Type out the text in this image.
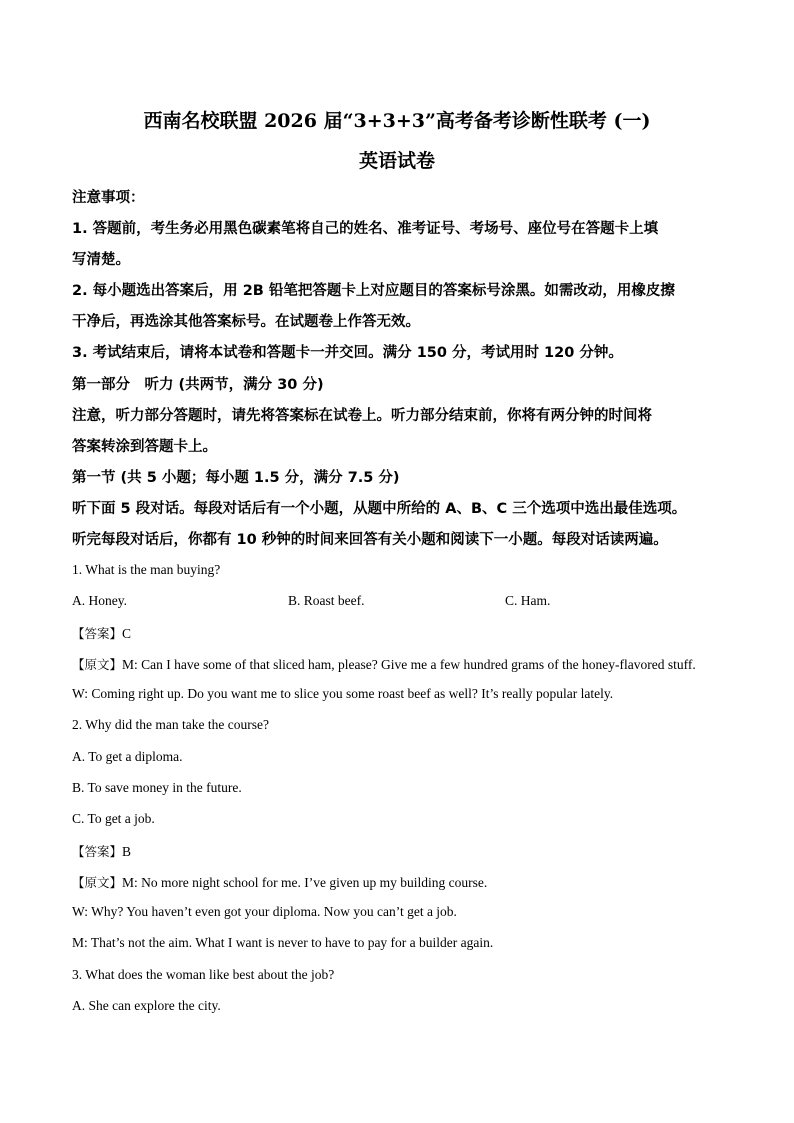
西南名校联盟 2026 届“3+3+3”高考备考诊断性联考 (一)
英语试卷
注意事项：
1. 答题前，考生务必用黑色碳素笔将自己的姓名、准考证号、考场号、座位号在答题卡上填
写清楚。
2. 每小题选出答案后，用 2B 铅笔把答题卡上对应题目的答案标号涂黑。如需改动，用橡皮擦
干净后，再选涂其他答案标号。在试题卷上作答无效。
3. 考试结束后，请将本试卷和答题卡一并交回。满分 150 分，考试用时 120 分钟。
第一部分　听力 (共两节，满分 30 分)
注意，听力部分答题时，请先将答案标在试卷上。听力部分结束前，你将有两分钟的时间将
答案转涂到答题卡上。
第一节 (共 5 小题；每小题 1.5 分，满分 7.5 分)
听下面 5 段对话。每段对话后有一个小题，从题中所给的 A、B、C 三个选项中选出最佳选项。
听完每段对话后，你都有 10 秒钟的时间来回答有关小题和阅读下一小题。每段对话读两遍。
1. What is the man buying?
A. Honey.	B. Roast beef.	C. Ham.
【答案】C
【原文】M: Can I have some of that sliced ham, please? Give me a few hundred grams of the honey-flavored stuff.
W: Coming right up. Do you want me to slice you some roast beef as well? It’s really popular lately.
2. Why did the man take the course?
A. To get a diploma.
B. To save money in the future.
C. To get a job.
【答案】B
【原文】M: No more night school for me. I’ve given up my building course.
W: Why? You haven’t even got your diploma. Now you can’t get a job.
M: That’s not the aim. What I want is never to have to pay for a builder again.
3. What does the woman like best about the job?
A. She can explore the city.
